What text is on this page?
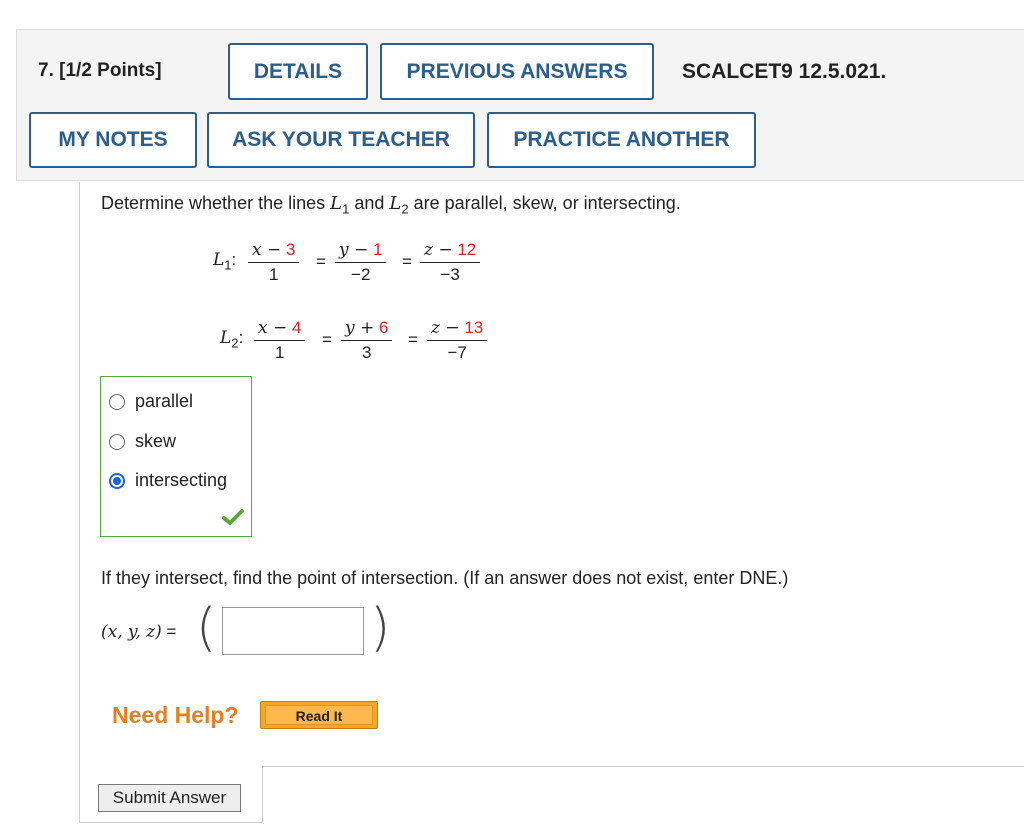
7. [1/2 Points]	DETAILS	PREVIOUS ANSWERS	SCALCET9 12.5.021.
MY NOTES	ASK YOUR TEACHER	PRACTICE ANOTHER
Determine whether the lines $L_1$ and $L_2$ are parallel, skew, or intersecting.
$L_1$: $\frac{x - 3}{1} = \frac{y - 1}{-2} = \frac{z - 12}{-3}$
$L_2$: $\frac{x - 4}{1} = \frac{y + 6}{3} = \frac{z - 13}{-7}$
parallel
skew
intersecting
If they intersect, find the point of intersection. (If an answer does not exist, enter DNE.)
(x, y, z) = (	)
Need Help?	Read It
Submit Answer
